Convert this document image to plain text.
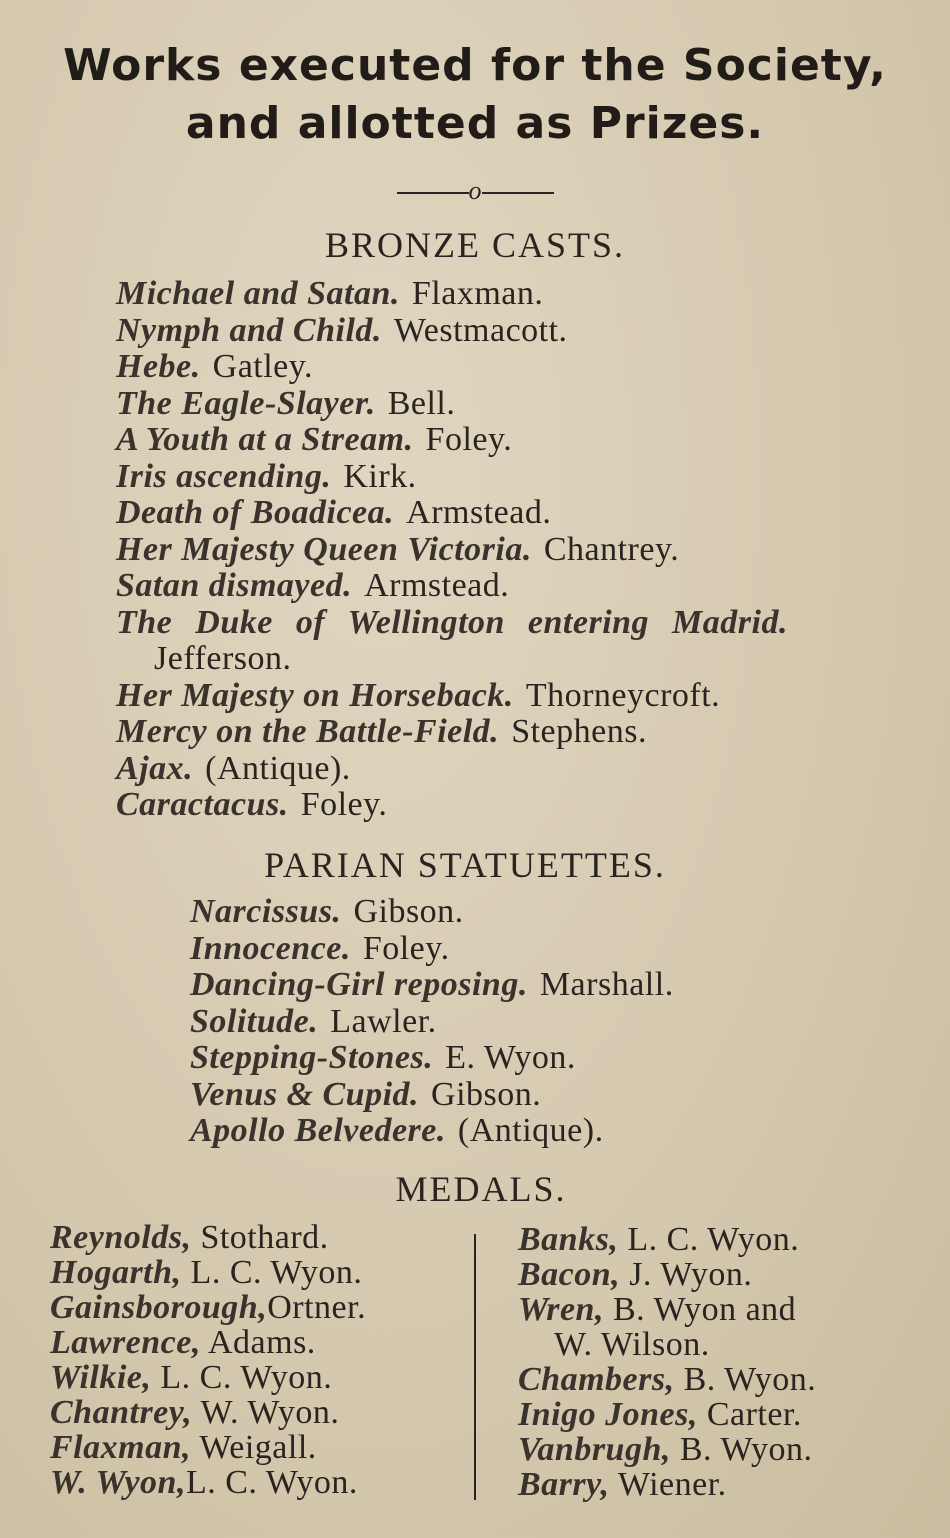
Works executed for the Society,
and allotted as Prizes.
o
BRONZE CASTS.
Michael and Satan. Flaxman.
Nymph and Child. Westmacott.
Hebe. Gatley.
The Eagle-Slayer. Bell.
A Youth at a Stream. Foley.
Iris ascending. Kirk.
Death of Boadicea. Armstead.
Her Majesty Queen Victoria. Chantrey.
Satan dismayed. Armstead.
The Duke of Wellington entering Madrid.
Jefferson.
Her Majesty on Horseback. Thorneycroft.
Mercy on the Battle-Field. Stephens.
Ajax. (Antique).
Caractacus. Foley.
PARIAN STATUETTES.
Narcissus. Gibson.
Innocence. Foley.
Dancing-Girl reposing. Marshall.
Solitude. Lawler.
Stepping-Stones. E. Wyon.
Venus & Cupid. Gibson.
Apollo Belvedere. (Antique).
MEDALS.
Reynolds, Stothard.
Hogarth, L. C. Wyon.
Gainsborough,Ortner.
Lawrence, Adams.
Wilkie, L. C. Wyon.
Chantrey, W. Wyon.
Flaxman, Weigall.
W. Wyon,L. C. Wyon.
Banks, L. C. Wyon.
Bacon, J. Wyon.
Wren, B. Wyon and
W. Wilson.
Chambers, B. Wyon.
Inigo Jones, Carter.
Vanbrugh, B. Wyon.
Barry, Wiener.
